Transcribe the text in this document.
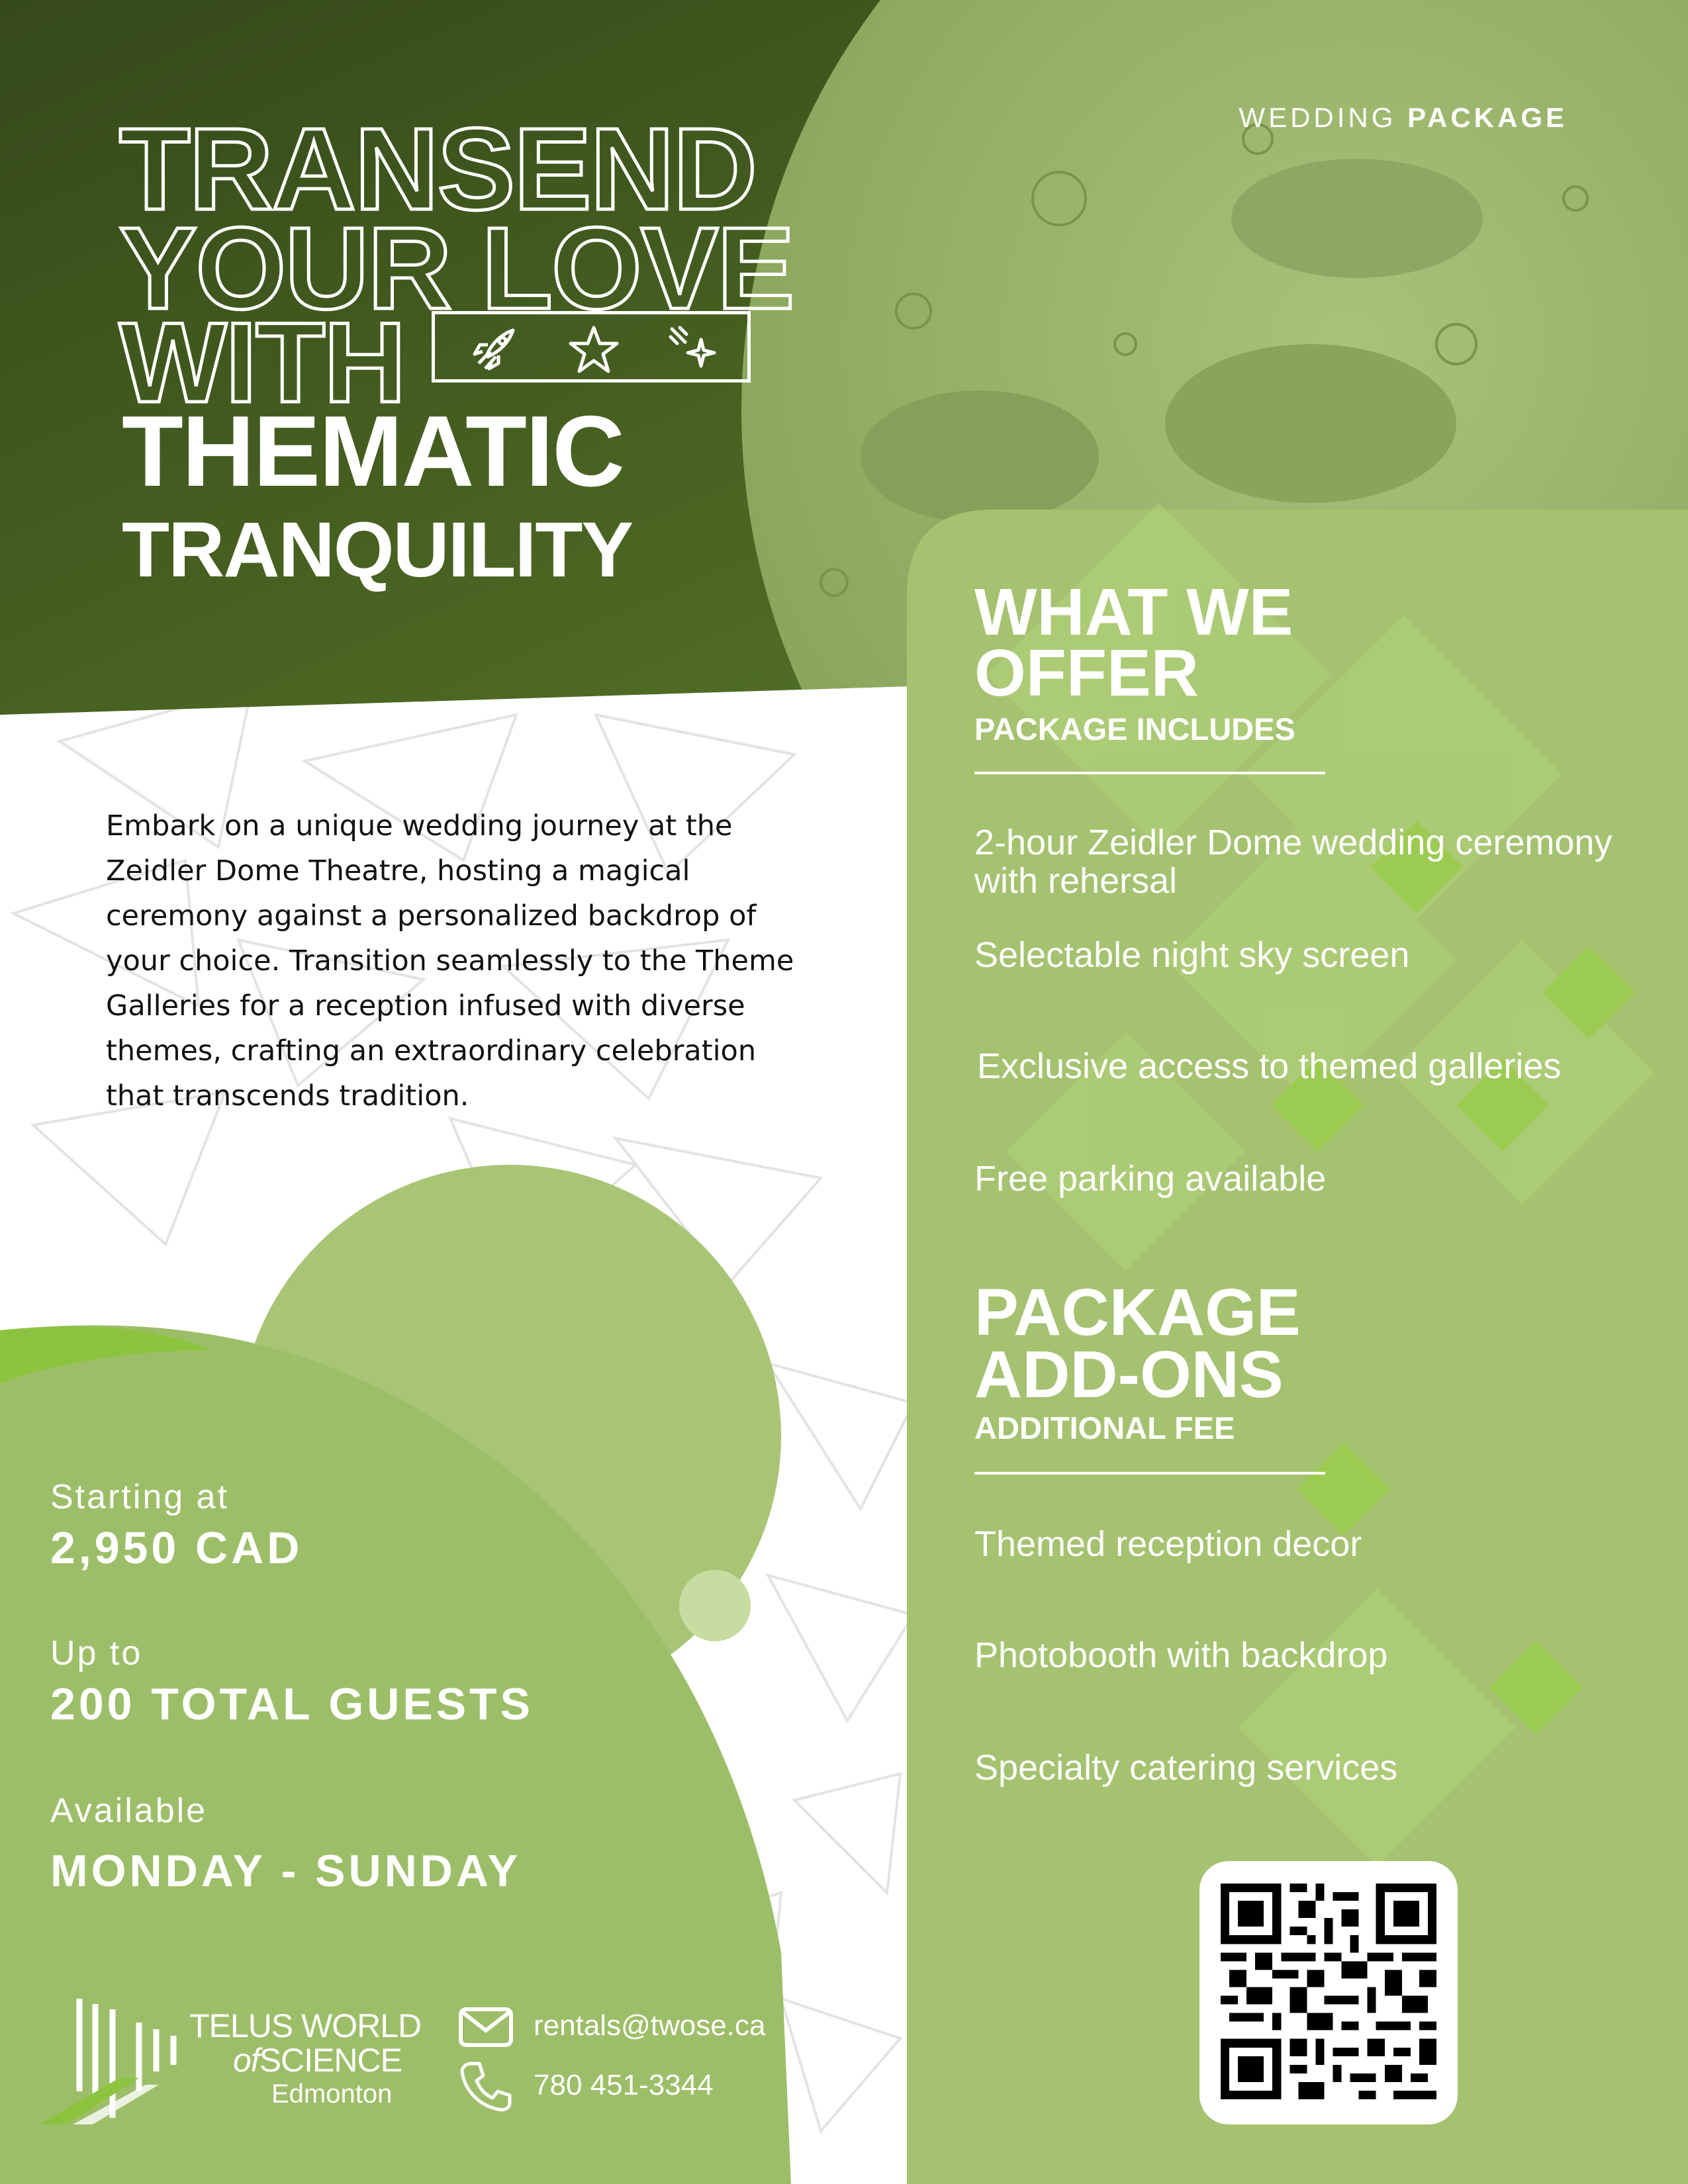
TRANSEND
YOUR LOVE
WITH
THEMATIC
TRANQUILITY
WEDDING PACKAGE
Embark on a unique wedding journey at the Zeidler Dome Theatre, hosting a magical ceremony against a personalized backdrop of your choice. Transition seamlessly to the Theme Galleries for a reception infused with diverse themes, crafting an extraordinary celebration that transcends tradition.
Starting at
2,950 CAD
Up to
200 TOTAL GUESTS
Available
MONDAY - SUNDAY
TELUS WORLD
ofSCIENCE
Edmonton
rentals@twose.ca
780 451-3344
WHAT WE
OFFER
PACKAGE INCLUDES
2-hour Zeidler Dome wedding ceremony with rehersal
Selectable night sky screen
Exclusive access to themed galleries
Free parking available
PACKAGE
ADD-ONS
ADDITIONAL FEE
Themed reception decor
Photobooth with backdrop
Specialty catering services
